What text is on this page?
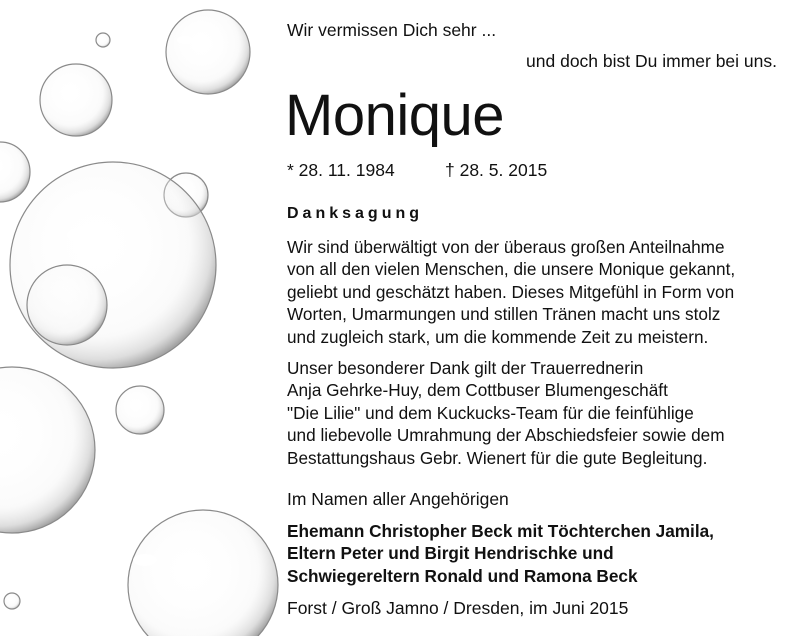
Wir vermissen Dich sehr ...
und doch bist Du immer bei uns.
Monique
* 28. 11. 1984	† 28. 5. 2015
Danksagung
Wir sind überwältigt von der überaus großen Anteilnahme
von all den vielen Menschen, die unsere Monique gekannt,
geliebt und geschätzt haben. Dieses Mitgefühl in Form von
Worten, Umarmungen und stillen Tränen macht uns stolz
und zugleich stark, um die kommende Zeit zu meistern.
Unser besonderer Dank gilt der Trauerrednerin
Anja Gehrke-Huy, dem Cottbuser Blumengeschäft
"Die Lilie" und dem Kuckucks-Team für die feinfühlige
und liebevolle Umrahmung der Abschiedsfeier sowie dem
Bestattungshaus Gebr. Wienert für die gute Begleitung.
Im Namen aller Angehörigen
Ehemann Christopher Beck mit Töchterchen Jamila,
Eltern Peter und Birgit Hendrischke und
Schwiegereltern Ronald und Ramona Beck
Forst / Groß Jamno / Dresden, im Juni 2015
